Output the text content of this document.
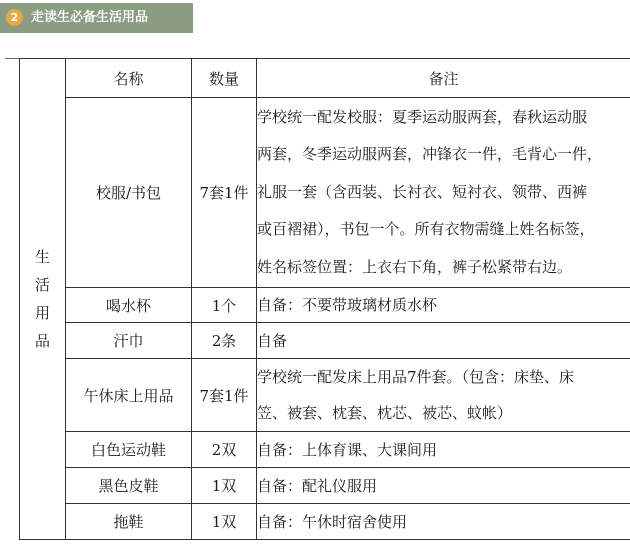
2 走读生必备生活用品
生
活
用
品	名称	数量	备注
	校服/书包	7套1件	学校统一配发校服：夏季运动服两套，春秋运动服
两套，冬季运动服两套，冲锋衣一件，毛背心一件，
礼服一套（含西装、长衬衣、短衬衣、领带、西裤
或百褶裙），书包一个。所有衣物需缝上姓名标签，
姓名标签位置：上衣右下角，裤子松紧带右边。

	喝水杯	1个	自备：不要带玻璃材质水杯

	汗巾	2条	自备

	午休床上用品	7套1件	学校统一配发床上用品7件套。（包含：床垫、床
笠、被套、枕套、枕芯、被芯、蚊帐）

	白色运动鞋	2双	自备：上体育课、大课间用

	黑色皮鞋	1双	自备：配礼仪服用

	拖鞋	1双	自备：午休时宿舍使用
